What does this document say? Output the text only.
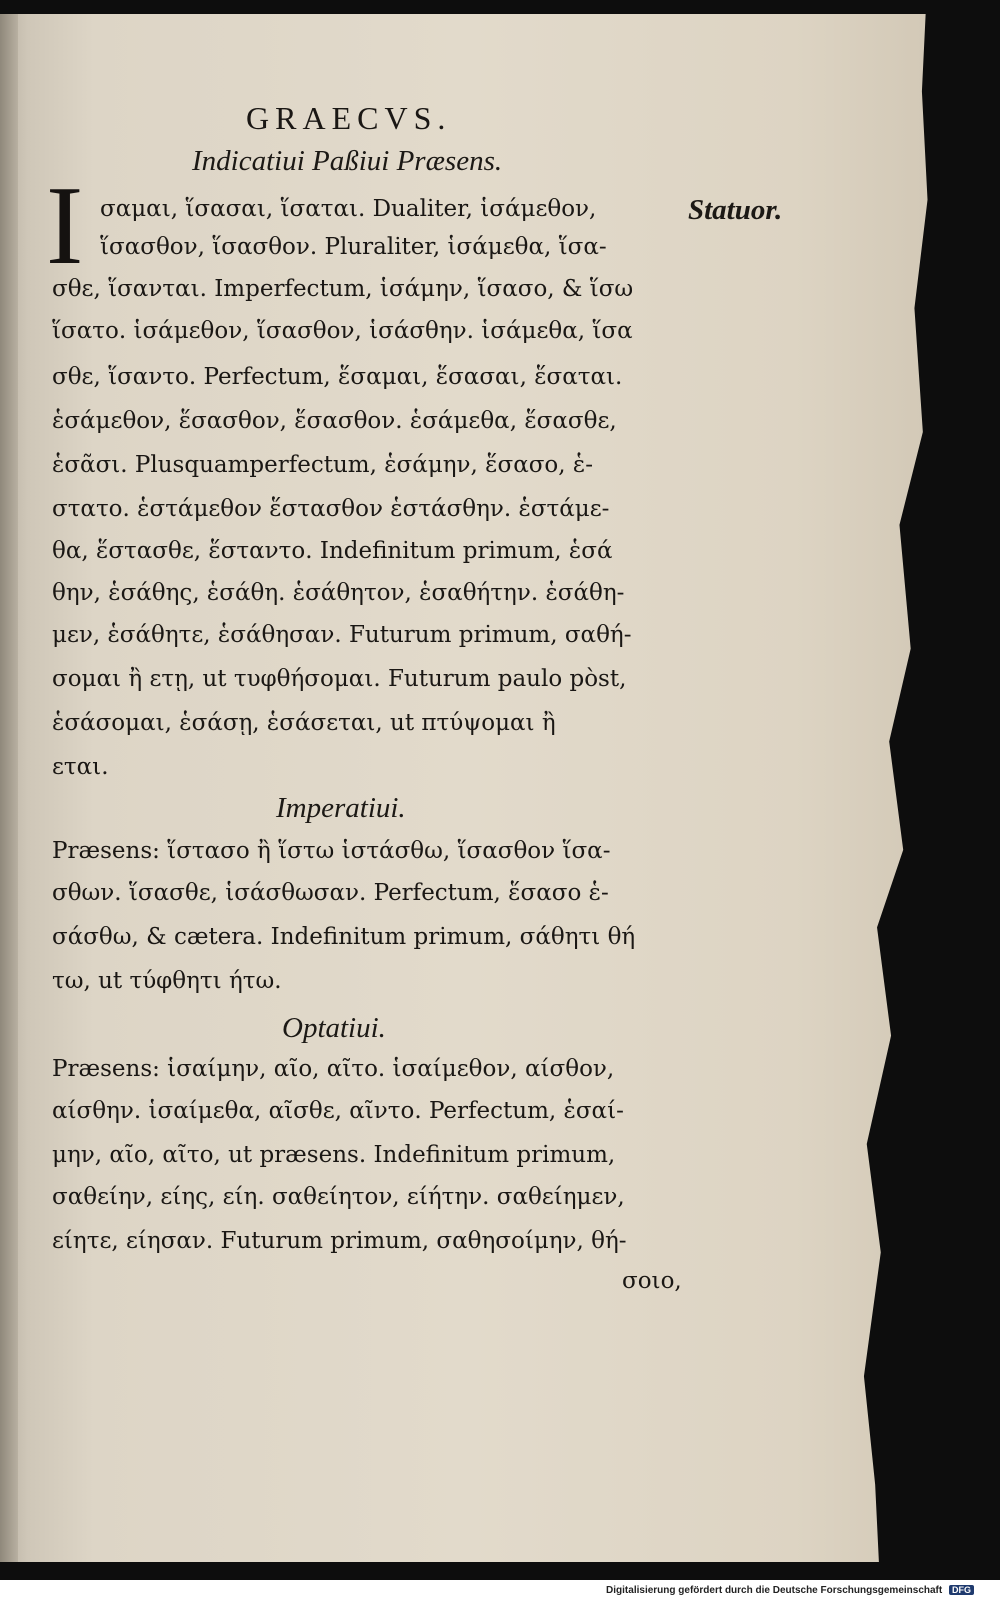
GRAECVS.
Indicatiui Paßiui Præsens.
Statuor.
I σαμαι, ἵσασαι, ἵσαται. Dualiter, ἱσάμεθον,
ἵσασθον, ἵσασθον. Pluraliter, ἱσάμεθα, ἵσα-
σθε, ἵσανται. Imperfectum, ἱσάμην, ἵσασο, & ἵσω
ἵσατο. ἱσάμεθον, ἵσασθον, ἱσάσθην. ἱσάμεθα, ἵσα
σθε, ἵσαντο. Perfectum, ἕσαμαι, ἕσασαι, ἕσαται.
ἑσάμεθον, ἕσασθον, ἕσασθον. ἑσάμεθα, ἕσασθε,
ἑσᾶσι. Plusquamperfectum, ἑσάμην, ἕσασο, ἑ-
στατο. ἑστάμεθον ἕστασθον ἑστάσθην. ἑστάμε-
θα, ἕστασθε, ἕσταντο. Indefinitum primum, ἑσά
θην, ἑσάθης, ἑσάθη. ἑσάθητον, ἑσαθήτην. ἑσάθη-
μεν, ἑσάθητε, ἑσάθησαν. Futurum primum, σαθή-
σομαι ἢ ετῃ, ut τυφθήσομαι. Futurum paulo pòst,
ἑσάσομαι, ἑσάσῃ, ἑσάσεται, ut πτύψομαι ἢ
εται.
Imperatiui.
Præsens: ἵστασο ἢ ἵστω ἱστάσθω, ἵσασθον ἵσα-
σθων. ἵσασθε, ἱσάσθωσαν. Perfectum, ἕσασο ἑ-
σάσθω, & cætera. Indefinitum primum, σάθητι θή
τω, ut τύφθητι ήτω.
Optatiui.
Præsens: ἱσαίμην, αῖο, αῖτο. ἱσαίμεθον, αίσθον,
αίσθην. ἱσαίμεθα, αῖσθε, αῖντο. Perfectum, ἑσαί-
μην, αῖο, αῖτο, ut præsens. Indefinitum primum,
σαθείην, είης, είη. σαθείητον, είήτην. σαθείημεν,
είητε, είησαν. Futurum primum, σαθησοίμην, θή-
σοιο,
Digitalisierung gefördert durch die Deutsche Forschungsgemeinschaft DFG
